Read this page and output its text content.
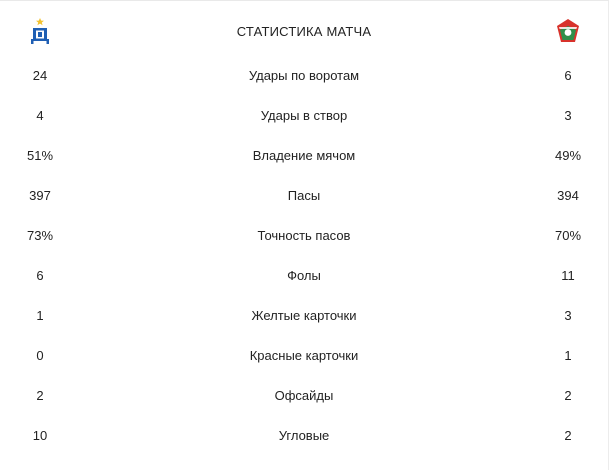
СТАТИСТИКА МАТЧА
24	Удары по воротам	6
4	Удары в створ	3
51%	Владение мячом	49%
397	Пасы	394
73%	Точность пасов	70%
6	Фолы	11
1	Желтые карточки	3
0	Красные карточки	1
2	Офсайды	2
10	Угловые	2
